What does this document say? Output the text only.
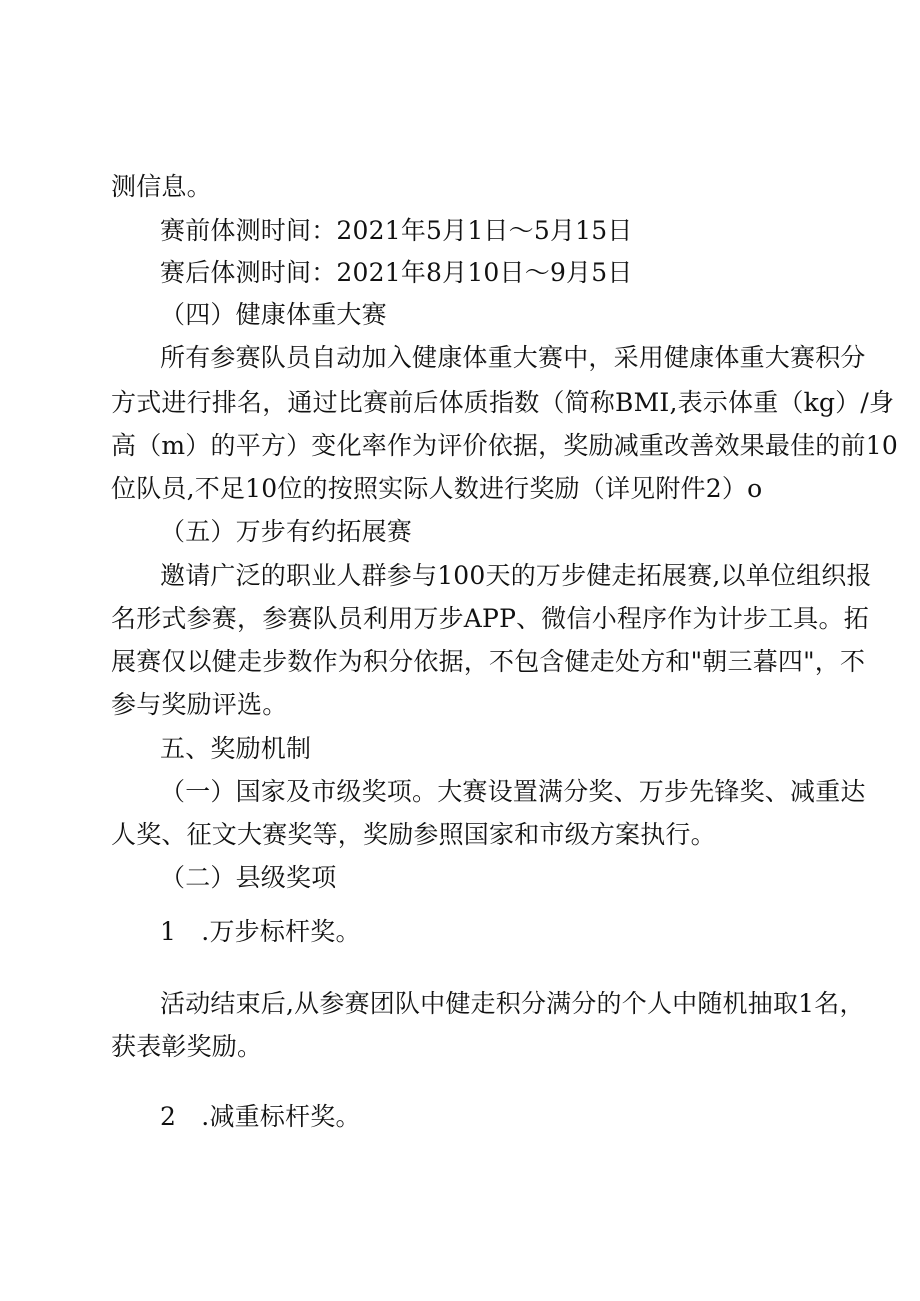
测信息。
赛前体测时间：2021年5月1日〜5月15日
赛后体测时间：2021年8月10日〜9月5日
（四）健康体重大赛
所有参赛队员自动加入健康体重大赛中，采用健康体重大赛积分
方式进行排名，通过比赛前后体质指数（简称BMI,表示体重（kg）/身
高（m）的平方）变化率作为评价依据，奖励减重改善效果最佳的前10
位队员,不足10位的按照实际人数进行奖励（详见附件2）o
（五）万步有约拓展赛
邀请广泛的职业人群参与100天的万步健走拓展赛,以单位组织报
名形式参赛，参赛队员利用万步APP、微信小程序作为计步工具。拓
展赛仅以健走步数作为积分依据，不包含健走处方和"朝三暮四"，不
参与奖励评选。
五、奖励机制
（一）国家及市级奖项。大赛设置满分奖、万步先锋奖、减重达
人奖、征文大赛奖等，奖励参照国家和市级方案执行。
（二）县级奖项
1　.万步标杆奖。
活动结束后,从参赛团队中健走积分满分的个人中随机抽取1名，
获表彰奖励。
2　.减重标杆奖。
